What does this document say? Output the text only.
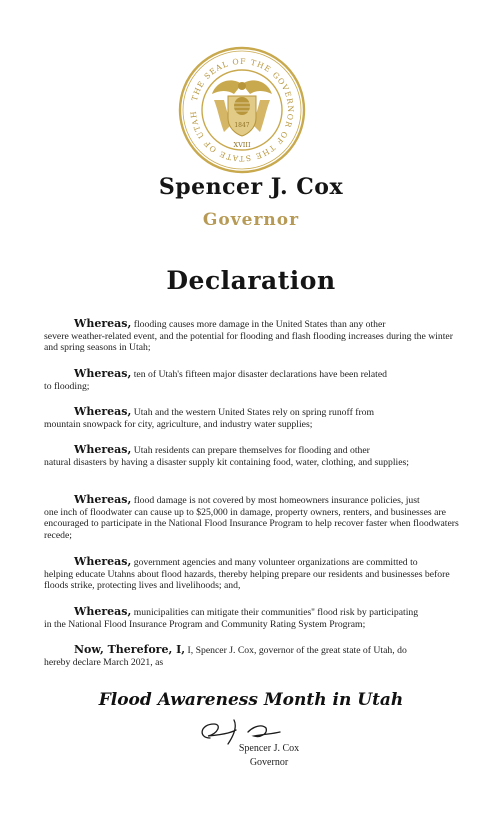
THE SEAL OF THE GOVERNOR OF THE STATE OF UTAH
1847
XVIII
Spencer J. Cox
Governor
Declaration
Whereas, flooding causes more damage in the United States than any other
severe weather-related event, and the potential for flooding and flash flooding increases during the winter and spring seasons in Utah;
Whereas, ten of Utah's fifteen major disaster declarations have been related
to flooding;
Whereas, Utah and the western United States rely on spring runoff from
mountain snowpack for city, agriculture, and industry water supplies;
Whereas, Utah residents can prepare themselves for flooding and other
natural disasters by having a disaster supply kit containing food, water, clothing, and supplies;
Whereas, flood damage is not covered by most homeowners insurance policies, just
one inch of floodwater can cause up to $25,000 in damage, property owners, renters, and businesses are encouraged to participate in the National Flood Insurance Program to help recover faster when floodwaters recede;
Whereas, government agencies and many volunteer organizations are committed to
helping educate Utahns about flood hazards, thereby helping prepare our residents and businesses before floods strike, protecting lives and livelihoods; and,
Whereas, municipalities can mitigate their communities'' flood risk by participating
in the National Flood Insurance Program and Community Rating System Program;
Now, Therefore, I, I, Spencer J. Cox, governor of the great state of Utah, do
hereby declare March 2021, as
Flood Awareness Month in Utah
Spencer J. Cox
Governor
